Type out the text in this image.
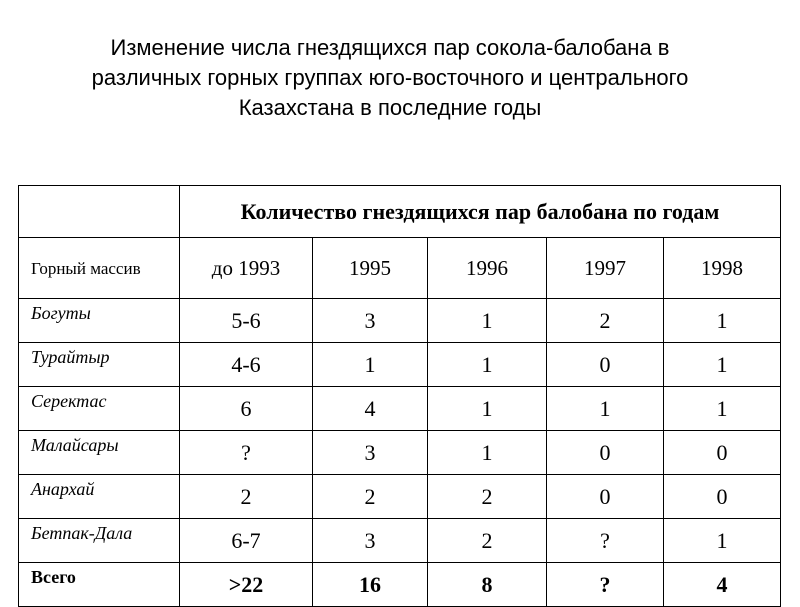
Изменение числа гнездящихся пар сокола-балобана в
различных горных группах юго-восточного и центрального
Казахстана в последние годы
	Количество гнездящихся пар балобана по годам				
Горный массив	до 1993	1995	1996	1997	1998
Богуты	5-6	3	1	2	1
Турайтыр	4-6	1	1	0	1
Серектас	6	4	1	1	1
Малайсары	?	3	1	0	0
Анархай	2	2	2	0	0
Бетпак-Дала	6-7	3	2	?	1
Всего	>22	16	8	?	4
